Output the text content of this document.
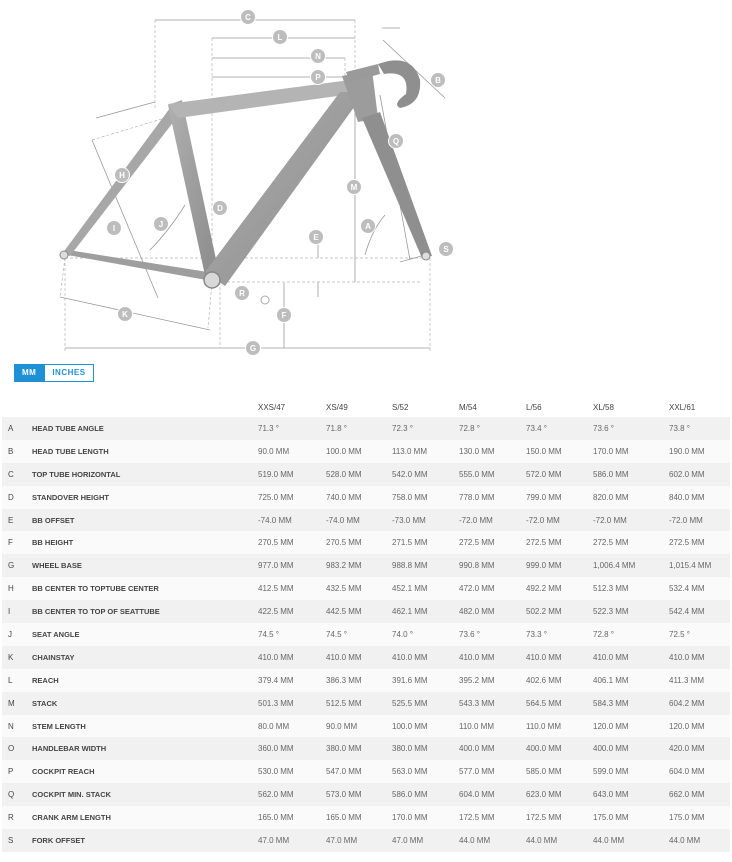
A
B
C
D
E
F
G
H
I	J
K
L
M
N
P
Q
R
S
MM	INCHES
		XXS/47	XS/49	S/52	M/54	L/56	XL/58	XXL/61
A	HEAD TUBE ANGLE	71.3 °	71.8 °	72.3 °	72.8 °	73.4 °	73.6 °	73.8 °
B	HEAD TUBE LENGTH	90.0 MM	100.0 MM	113.0 MM	130.0 MM	150.0 MM	170.0 MM	190.0 MM
C	TOP TUBE HORIZONTAL	519.0 MM	528.0 MM	542.0 MM	555.0 MM	572.0 MM	586.0 MM	602.0 MM
D	STANDOVER HEIGHT	725.0 MM	740.0 MM	758.0 MM	778.0 MM	799.0 MM	820.0 MM	840.0 MM
E	BB OFFSET	-74.0 MM	-74.0 MM	-73.0 MM	-72.0 MM	-72.0 MM	-72.0 MM	-72.0 MM
F	BB HEIGHT	270.5 MM	270.5 MM	271.5 MM	272.5 MM	272.5 MM	272.5 MM	272.5 MM
G	WHEEL BASE	977.0 MM	983.2 MM	988.8 MM	990.8 MM	999.0 MM	1,006.4 MM	1,015.4 MM
H	BB CENTER TO TOPTUBE CENTER	412.5 MM	432.5 MM	452.1 MM	472.0 MM	492.2 MM	512.3 MM	532.4 MM
I	BB CENTER TO TOP OF SEATTUBE	422.5 MM	442.5 MM	462.1 MM	482.0 MM	502.2 MM	522.3 MM	542.4 MM
J	SEAT ANGLE	74.5 °	74.5 °	74.0 °	73.6 °	73.3 °	72.8 °	72.5 °
K	CHAINSTAY	410.0 MM	410.0 MM	410.0 MM	410.0 MM	410.0 MM	410.0 MM	410.0 MM
L	REACH	379.4 MM	386.3 MM	391.6 MM	395.2 MM	402.6 MM	406.1 MM	411.3 MM
M	STACK	501.3 MM	512.5 MM	525.5 MM	543.3 MM	564.5 MM	584.3 MM	604.2 MM
N	STEM LENGTH	80.0 MM	90.0 MM	100.0 MM	110.0 MM	110.0 MM	120.0 MM	120.0 MM
O	HANDLEBAR WIDTH	360.0 MM	380.0 MM	380.0 MM	400.0 MM	400.0 MM	400.0 MM	420.0 MM
P	COCKPIT REACH	530.0 MM	547.0 MM	563.0 MM	577.0 MM	585.0 MM	599.0 MM	604.0 MM
Q	COCKPIT MIN. STACK	562.0 MM	573.0 MM	586.0 MM	604.0 MM	623.0 MM	643.0 MM	662.0 MM
R	CRANK ARM LENGTH	165.0 MM	165.0 MM	170.0 MM	172.5 MM	172.5 MM	175.0 MM	175.0 MM
S	FORK OFFSET	47.0 MM	47.0 MM	47.0 MM	44.0 MM	44.0 MM	44.0 MM	44.0 MM
